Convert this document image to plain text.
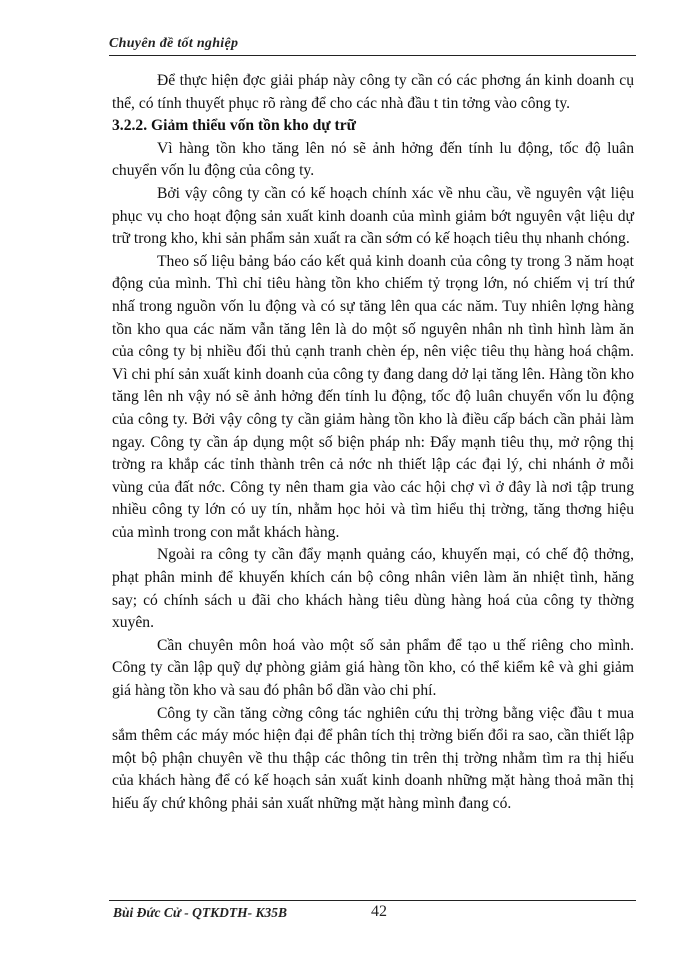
Chuyên đề tốt nghiệp

Để thực hiện đợc giải pháp này công ty cần có các phơng án kinh doanh cụ thể, có tính thuyết phục rõ ràng để cho các nhà đầu t tin tởng vào công ty.

3.2.2. Giảm thiểu vốn tồn kho dự trữ

Vì hàng tồn kho tăng lên nó sẽ ảnh hởng đến tính lu động, tốc độ luân chuyển vốn lu động của công ty.

Bởi vậy công ty cần có kế hoạch chính xác về nhu cầu, về nguyên vật liệu phục vụ cho hoạt động sản xuất kinh doanh của mình giảm bớt nguyên vật liệu dự trữ trong kho, khi sản phẩm sản xuất ra cần sớm có kế hoạch tiêu thụ nhanh chóng.

Theo số liệu bảng báo cáo kết quả kinh doanh của công ty trong 3 năm hoạt động của mình. Thì chỉ tiêu hàng tồn kho chiếm tỷ trọng lớn, nó chiếm vị trí thứ nhấ trong nguồn vốn lu động và có sự tăng lên qua các năm. Tuy nhiên lợng hàng tồn kho qua các năm vẫn tăng lên là do một số nguyên nhân nh tình hình làm ăn của công ty bị nhiều đối thủ cạnh tranh chèn ép, nên việc tiêu thụ hàng hoá chậm. Vì chi phí sản xuất kinh doanh của công ty đang dang dở lại tăng lên. Hàng tồn kho tăng lên nh vậy nó sẽ ảnh hởng đến tính lu động, tốc độ luân chuyển vốn lu động của công ty. Bởi vậy công ty cần giảm hàng tồn kho là điều cấp bách cần phải làm ngay. Công ty cần áp dụng một số biện pháp nh: Đẩy mạnh tiêu thụ, mở rộng thị trờng ra khắp các tỉnh thành trên cả nớc nh thiết lập các đại lý, chi nhánh ở mỗi vùng của đất nớc. Công ty nên tham gia vào các hội chợ vì ở đây là nơi tập trung nhiều công ty lớn có uy tín, nhằm học hỏi và tìm hiểu thị trờng, tăng thơng hiệu của mình trong con mắt khách hàng.

Ngoài ra công ty cần đẩy mạnh quảng cáo, khuyến mại, có chế độ thởng, phạt phân minh để khuyến khích cán bộ công nhân viên làm ăn nhiệt tình, hăng say; có chính sách u đãi cho khách hàng tiêu dùng hàng hoá của công ty thờng xuyên.

Cần chuyên môn hoá vào một số sản phẩm để tạo u thế riêng cho mình. Công ty cần lập quỹ dự phòng giảm giá hàng tồn kho, có thể kiểm kê và ghi giảm giá hàng tồn kho và sau đó phân bổ dần vào chi phí.

Công ty cần tăng cờng công tác nghiên cứu thị trờng bằng việc đầu t mua sắm thêm các máy móc hiện đại để phân tích thị trờng biến đổi ra sao, cần thiết lập một bộ phận chuyên về thu thập các thông tin trên thị trờng nhằm tìm ra thị hiếu của khách hàng để có kế hoạch sản xuất kinh doanh những mặt hàng thoả mãn thị hiếu ấy chứ không phải sản xuất những mặt hàng mình đang có.

Bùi Đức Cử - QTKDTH- K35B	42
